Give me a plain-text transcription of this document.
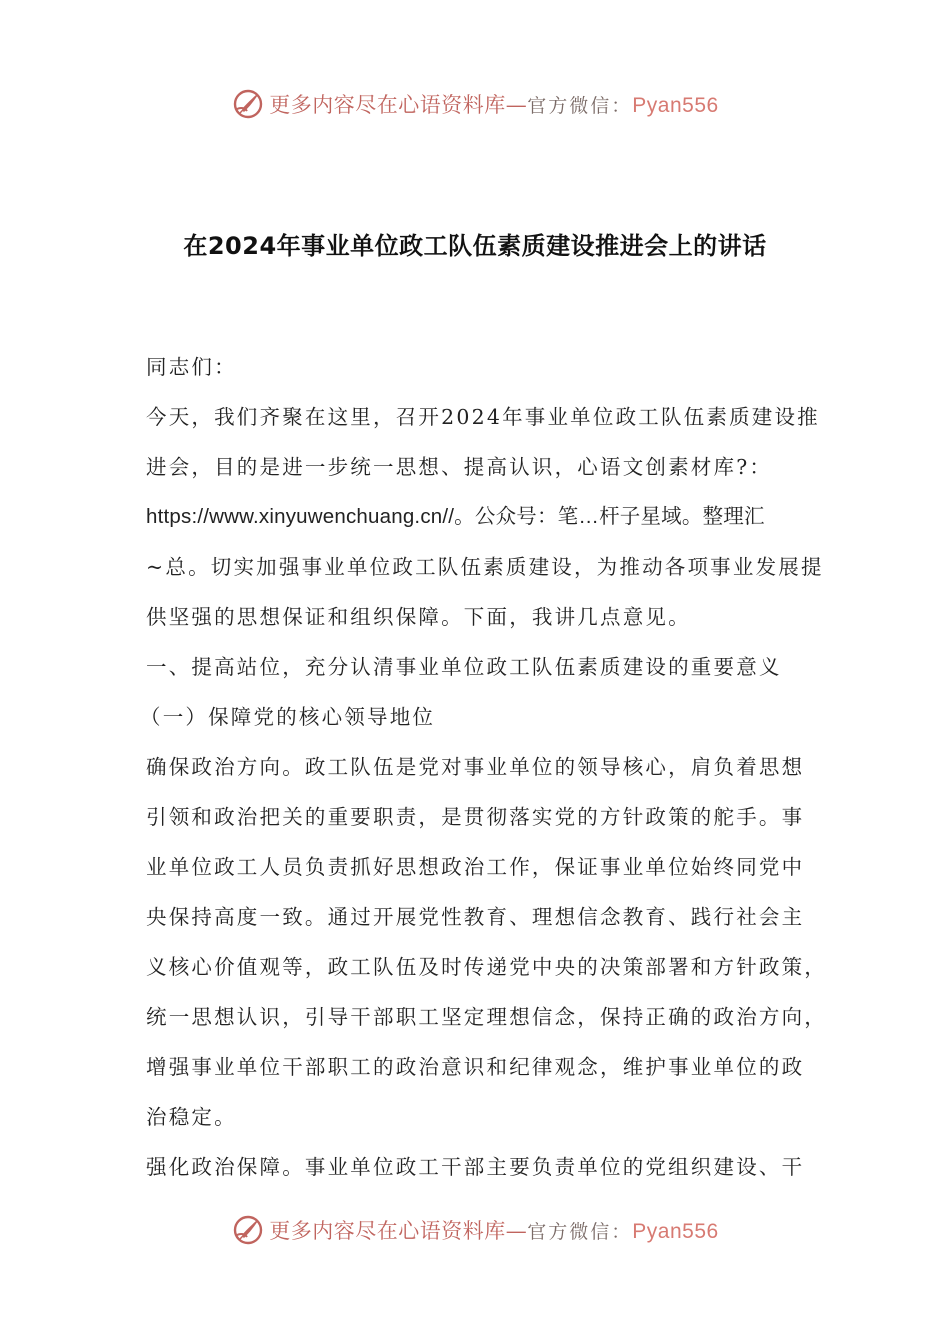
更多内容尽在心语资料库—官方微信：Pyan556
在2024年事业单位政工队伍素质建设推进会上的讲话
同志们：
今天，我们齐聚在这里，召开2024年事业单位政工队伍素质建设推
进会，目的是进一步统一思想、提高认识，心语文创素材库?：
https://www.xinyuwenchuang.cn//。公众号：笔…杆子星域。整理汇
~总。切实加强事业单位政工队伍素质建设，为推动各项事业发展提
供坚强的思想保证和组织保障。下面，我讲几点意见。
一、提高站位，充分认清事业单位政工队伍素质建设的重要意义
（一）保障党的核心领导地位
确保政治方向。政工队伍是党对事业单位的领导核心，肩负着思想
引领和政治把关的重要职责，是贯彻落实党的方针政策的舵手。事
业单位政工人员负责抓好思想政治工作，保证事业单位始终同党中
央保持高度一致。通过开展党性教育、理想信念教育、践行社会主
义核心价值观等，政工队伍及时传递党中央的决策部署和方针政策，
统一思想认识，引导干部职工坚定理想信念，保持正确的政治方向，
增强事业单位干部职工的政治意识和纪律观念，维护事业单位的政
治稳定。
强化政治保障。事业单位政工干部主要负责单位的党组织建设、干
更多内容尽在心语资料库—官方微信：Pyan556
